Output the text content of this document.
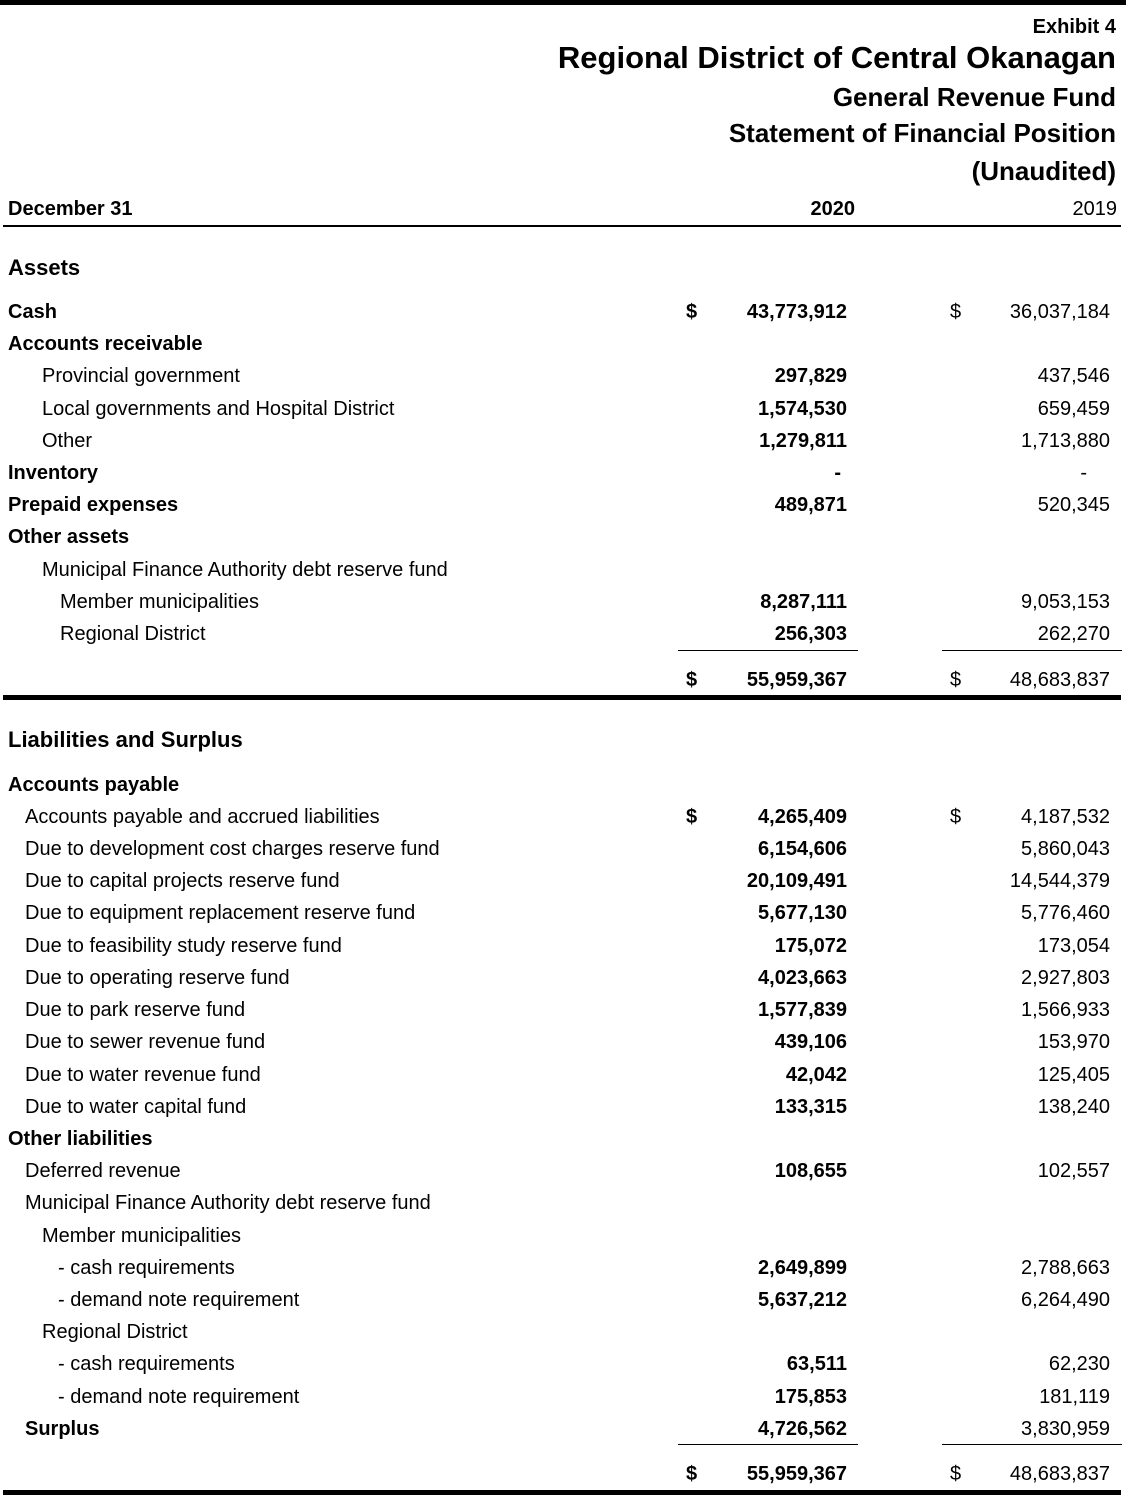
Exhibit 4
Regional District of Central Okanagan
General Revenue Fund
Statement of Financial Position
(Unaudited)
December 31	2020	2019
Assets
Cash	$	43,773,912	$	36,037,184
Accounts receivable
Provincial government	297,829	437,546
Local governments and Hospital District	1,574,530	659,459
Other	1,279,811	1,713,880
Inventory	-	-
Prepaid expenses	489,871	520,345
Other assets
Municipal Finance Authority debt reserve fund
Member municipalities	8,287,111	9,053,153
Regional District	256,303	262,270
$	55,959,367	$	48,683,837
Liabilities and Surplus
Accounts payable
Accounts payable and accrued liabilities	$	4,265,409	$	4,187,532
Due to development cost charges reserve fund	6,154,606	5,860,043
Due to capital projects reserve fund	20,109,491	14,544,379
Due to equipment replacement reserve fund	5,677,130	5,776,460
Due to feasibility study reserve fund	175,072	173,054
Due to operating reserve fund	4,023,663	2,927,803
Due to park reserve fund	1,577,839	1,566,933
Due to sewer revenue fund	439,106	153,970
Due to water revenue fund	42,042	125,405
Due to water capital fund	133,315	138,240
Other liabilities
Deferred revenue	108,655	102,557
Municipal Finance Authority debt reserve fund
Member municipalities
- cash requirements	2,649,899	2,788,663
- demand note requirement	5,637,212	6,264,490
Regional District
- cash requirements	63,511	62,230
- demand note requirement	175,853	181,119
Surplus	4,726,562	3,830,959
$	55,959,367	$	48,683,837
